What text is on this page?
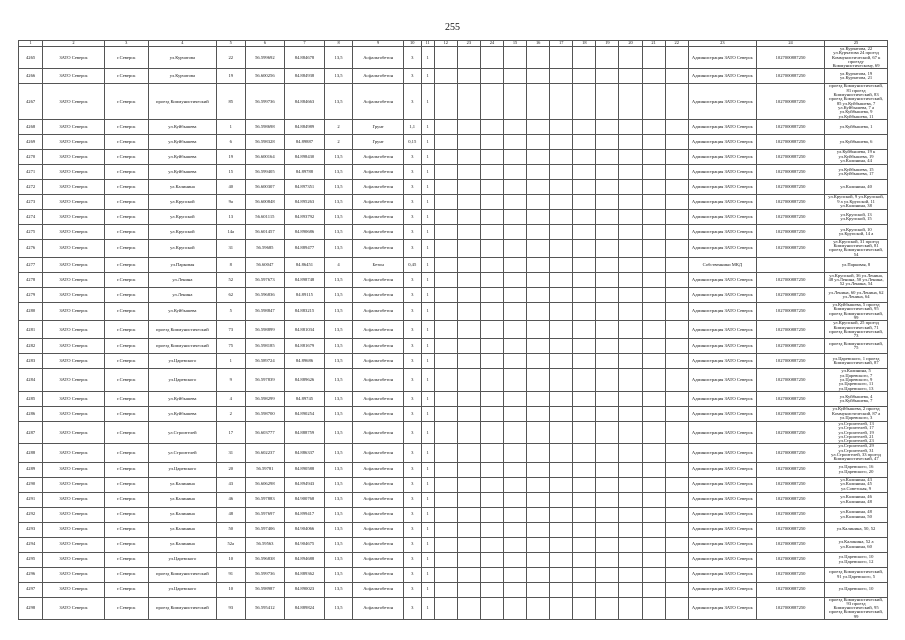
255
1	2	3	4	5	6	7	8	9	10	11	12	23	24	15	16	17	18	19	20	21	22	23	24	25
4265	ЗАТО Северск	г.Северск	ул.Курчатова	22	56.599692	84.884678	13,5	Асфальтобетон	3	1												Администрация ЗАТО Северск	1027000887250	ул.Курчатова, 22 ул.Курчатова 24 проезд Коммунистический, 67 к проезду Коммунистическому, 69
4266	ЗАТО Северск	г.Северск	ул.Курчатова	19	56.600256	84.884938	13,5	Асфальтобетон	3	1												Администрация ЗАТО Северск	1027000887250	ул.Курчатова, 19 ул.Курчатова, 21
4267	ЗАТО Северск	г.Северск	проезд Коммунистический	85	56.599736	84.884663	13,5	Асфальтобетон	3	1												Администрация ЗАТО Северск	1027000887250	проезд Коммунистический, 81 проезд Коммунистический, 83 проезд Коммунистический, 85 ул.Куйбышева, 7 ул.Куйбышева, 7 а ул.Куйбышева, 9 ул.Куйбышева, 11
4268	ЗАТО Северск	г.Северск	ул.Куйбышева	1	56.598698	84.884989	2	Грунт	1,1	1												Администрация ЗАТО Северск	1027000887250	ул.Куйбышева, 1
4269	ЗАТО Северск	г.Северск	ул.Куйбышева	6	56.598328	84.89887	2	Грунт	0,15	1												Администрация ЗАТО Северск	1027000887250	ул.Куйбышева, 6
4270	ЗАТО Северск	г.Северск	ул.Куйбышева	19	56.600164	84.898430	13,5	Асфальтобетон	3	1												Администрация ЗАТО Северск	1027000887250	ул.Куйбышева, 19 к ул.Куйбышева, 19 ул.Калинина, 44
4271	ЗАТО Северск	г.Северск	ул.Куйбышева	15	56.599405	84.89788	13,5	Асфальтобетон	3	1												Администрация ЗАТО Северск	1027000887250	ул.Куйбышева, 15 ул.Куйбышева, 17
4272	ЗАТО Северск	г.Северск	ул.Калинина	40	56.600307	84.897351	13,5	Асфальтобетон	3	1												Администрация ЗАТО Северск	1027000887250	ул.Калинина, 40
4273	ЗАТО Северск	г.Северск	ул.Крупской	9а	56.600848	84.895263	13,5	Асфальтобетон	3	1												Администрация ЗАТО Северск	1027000887250	ул.Крупской, 9 ул.Крупской, 9 а ул.Крупской, 11 ул.Калинина, 38
4274	ЗАТО Северск	г.Северск	ул.Крупской	13	56.601115	84.893792	13,5	Асфальтобетон	3	1												Администрация ЗАТО Северск	1027000887250	ул.Крупской, 13 ул.Крупской, 15
4275	ЗАТО Северск	г.Северск	ул.Крупской	14а	56.601457	84.890686	13,5	Асфальтобетон	3	1												Администрация ЗАТО Северск	1027000887250	ул.Крупской, 10 ул.Крупской, 14 а
4276	ЗАТО Северск	г.Северск	ул.Крупской	31	56.59685	84.889477	13,5	Асфальтобетон	3	1												Администрация ЗАТО Северск	1027000887250	ул.Крупской, 31 проезд Коммунистический, 81 проезд Коммунистический, 54
4277	ЗАТО Северск	г.Северск	ул.Парковая	8	56.60047	84.86451	4	Бетон	0,45	1												Собственники МКД		ул.Парковая, 8
4278	ЗАТО Северск	г.Северск	ул.Ленина	52	56.597673	84.898748	13,5	Асфальтобетон	3	1												Администрация ЗАТО Северск	1027000887250	ул.Крупской, 36 ул.Ленина, 48 ул.Ленина, 50 ул.Ленина, 52 ул.Ленина, 54
4279	ЗАТО Северск	г.Северск	ул.Ленина	62	56.596836	84.89115	13,5	Асфальтобетон	3	1												Администрация ЗАТО Северск	1027000887250	ул.Ленина, 60 ул.Ленина, 62 ул.Ленина, 64
4280	ЗАТО Северск	г.Северск	ул.Куйбышева	5	56.598847	84.883215	13,5	Асфальтобетон	3	1												Администрация ЗАТО Северск	1027000887250	ул.Куйбышева, 5 проезд Коммунистический, 95 проезд Коммунистический, 99
4281	ЗАТО Северск	г.Северск	проезд Коммунистический	73	56.598899	84.881034	13,5	Асфальтобетон	3	1												Администрация ЗАТО Северск	1027000887250	ул.Крупской, 25 проезд Коммунистический, 71 проезд Коммунистический, 73
4282	ЗАТО Северск	г.Северск	проезд Коммунистический	75	56.598185	84.881679	13,5	Асфальтобетон	3	1												Администрация ЗАТО Северск	1027000887250	проезд Коммунистический, 75
4283	ЗАТО Северск	г.Северск	ул.Царевского	1	56.589724	84.89686	13,5	Асфальтобетон	3	1												Администрация ЗАТО Северск	1027000887250	ул.Царевского, 1 проезд Коммунистический, 87
4284	ЗАТО Северск	г.Северск	ул.Царевского	9	56.597839	84.889626	13,5	Асфальтобетон	3	1												Администрация ЗАТО Северск	1027000887250	ул.Калинина, 5 ул.Царевского, 7 ул.Царевского, 9 ул.Царевского, 11 ул.Царевского, 13
4285	ЗАТО Северск	г.Северск	ул.Куйбышева	4	56.598299	84.89745	13,5	Асфальтобетон	3	1												Администрация ЗАТО Северск	1027000887250	ул.Куйбышева, 4 ул.Куйбышева, 7
4286	ЗАТО Северск	г.Северск	ул.Куйбышева	2	56.598700	84.890254	13,5	Асфальтобетон	3	1												Администрация ЗАТО Северск	1027000887250	ул.Куйбышева, 2 проезд Коммунистический, 87 а ул.Царевского, 3
4287	ЗАТО Северск	г.Северск	ул.Строителей	17	56.603777	84.888759	13,5	Асфальтобетон	3	1												Администрация ЗАТО Северск	1027000887250	ул.Строителей, 13 ул.Строителей, 17 ул.Строителей, 19 ул.Строителей, 21 ул.Строителей, 23
4288	ЗАТО Северск	г.Северск	ул.Строителей	31	56.602237	84.886337	13,5	Асфальтобетон	3	1												Администрация ЗАТО Северск	1027000887250	ул.Строителей, 29 ул.Строителей, 31 ул.Строителей, 33 проезд Коммунистический, 47
4289	ЗАТО Северск	г.Северск	ул.Царевского	20	56.59781	84.890588	13,5	Асфальтобетон	3	1												Администрация ЗАТО Северск	1027000887250	ул.Царевского, 16 ул.Царевского, 20
4290	ЗАТО Северск	г.Северск	ул.Калинина	43	56.606298	84.894943	13,5	Асфальтобетон	3	1												Администрация ЗАТО Северск	1027000887250	ул.Калинина, 43 ул.Калинина, 45 ул.Советская, 9
4291	ЗАТО Северск	г.Северск	ул.Калинина	46	56.597883	84.900768	13,5	Асфальтобетон	3	1												Администрация ЗАТО Северск	1027000887250	ул.Калинина, 46 ул.Калинина, 48
4292	ЗАТО Северск	г.Северск	ул.Калинина	48	56.597697	84.899417	13,5	Асфальтобетон	3	1												Администрация ЗАТО Северск	1027000887250	ул.Калинина, 48 ул.Калинина, 50
4293	ЗАТО Северск	г.Северск	ул.Калинина	50	56.597406	84.904066	13,5	Асфальтобетон	3	1												Администрация ЗАТО Северск	1027000887250	ул.Калинина, 50, 52
4294	ЗАТО Северск	г.Северск	ул.Калинина	52а	56.59563	84.904675	13,5	Асфальтобетон	3	1												Администрация ЗАТО Северск	1027000887250	ул.Калинина, 52 а ул.Калинина, 60
4295	ЗАТО Северск	г.Северск	ул.Царевского	10	56.596838	84.894688	13,5	Асфальтобетон	3	1												Администрация ЗАТО Северск	1027000887250	ул.Царевского, 10 ул.Царевского, 12
4296	ЗАТО Северск	г.Северск	проезд Коммунистический	91	56.599736	84.889362	13,5	Асфальтобетон	3	1												Администрация ЗАТО Северск	1027000887250	проезд Коммунистический, 91 ул.Царевского, 5
4297	ЗАТО Северск	г.Северск	ул.Царевского	10	56.598987	84.890023	13,5	Асфальтобетон	3	1												Администрация ЗАТО Северск	1027000887250	ул.Царевского, 10
4298	ЗАТО Северск	г.Северск	проезд Коммунистический	93	56.595412	84.889824	13,5	Асфальтобетон	3	1												Администрация ЗАТО Северск	1027000887250	проезд Коммунистический, 93 проезд Коммунистический, 95 проезд Коммунистический, 99
